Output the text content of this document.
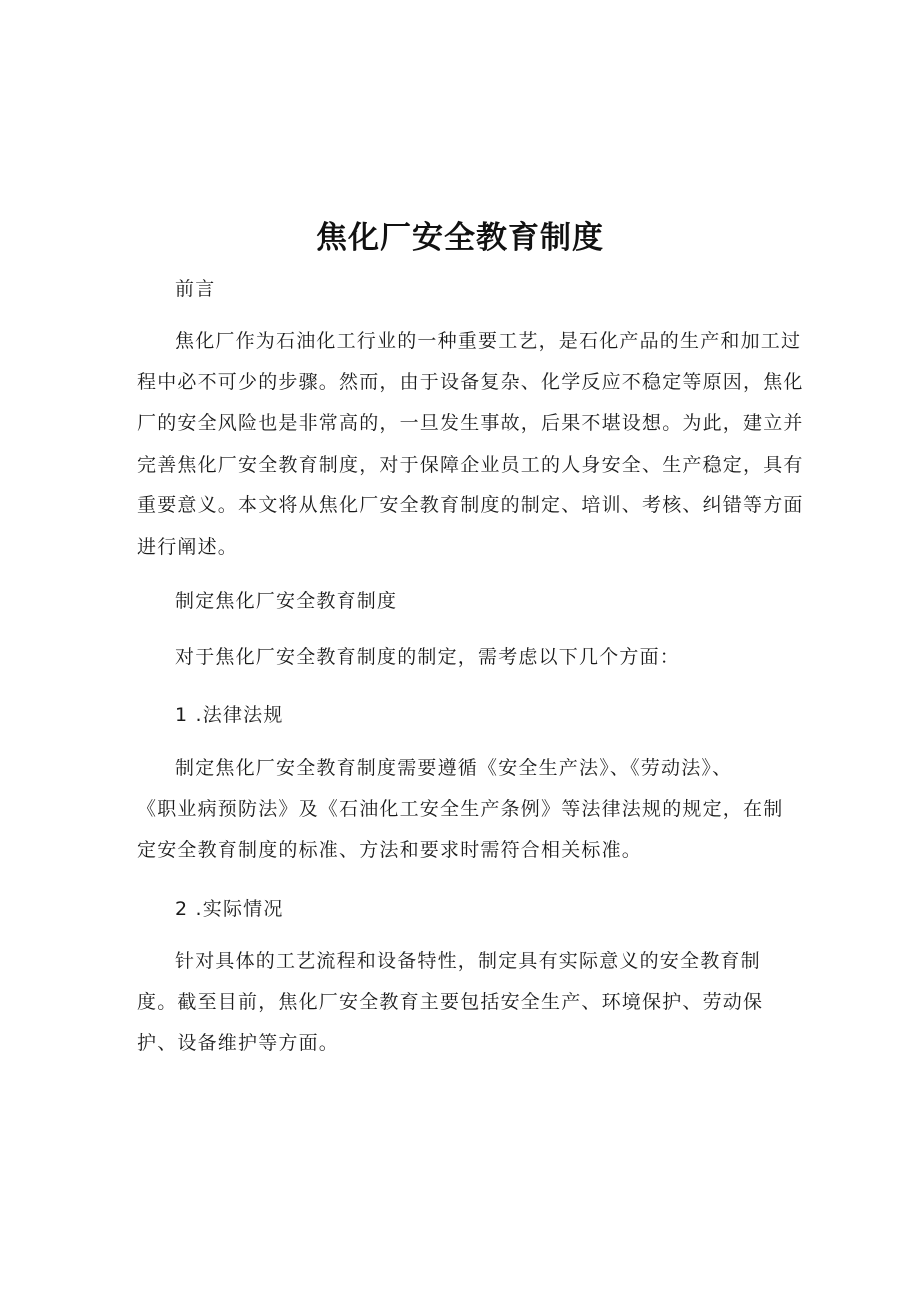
焦化厂安全教育制度
前言
焦化厂作为石油化工行业的一种重要工艺，是石化产品的生产和加工过
程中必不可少的步骤。然而，由于设备复杂、化学反应不稳定等原因，焦化
厂的安全风险也是非常高的，一旦发生事故，后果不堪设想。为此，建立并
完善焦化厂安全教育制度，对于保障企业员工的人身安全、生产稳定，具有
重要意义。本文将从焦化厂安全教育制度的制定、培训、考核、纠错等方面
进行阐述。
制定焦化厂安全教育制度
对于焦化厂安全教育制度的制定，需考虑以下几个方面：
1 .法律法规
制定焦化厂安全教育制度需要遵循《安全生产法》、《劳动法》、
《职业病预防法》及《石油化工安全生产条例》等法律法规的规定，在制
定安全教育制度的标准、方法和要求时需符合相关标准。
2 .实际情况
针对具体的工艺流程和设备特性，制定具有实际意义的安全教育制
度。截至目前，焦化厂安全教育主要包括安全生产、环境保护、劳动保
护、设备维护等方面。
